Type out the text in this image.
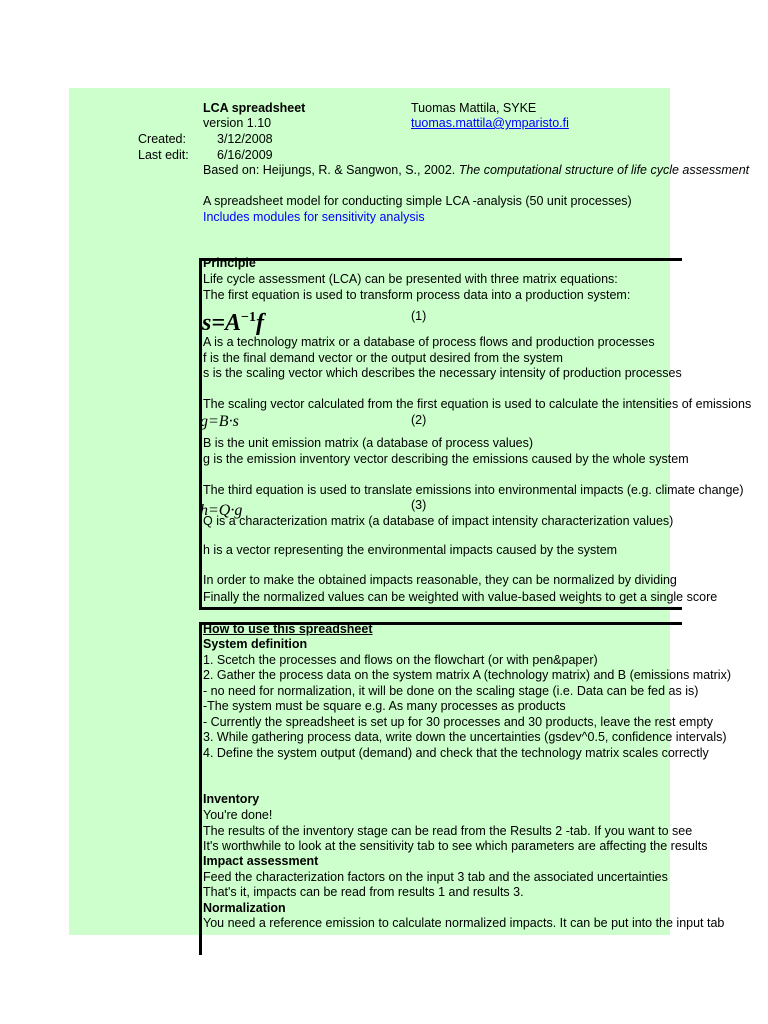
LCA spreadsheet
version 1.10
Created: 3/12/2008
Last edit: 6/16/2009
Tuomas Mattila, SYKE
tuomas.mattila@ymparisto.fi
Based on: Heijungs, R. & Sangwon, S., 2002. The computational structure of life cycle assessment
A spreadsheet model for conducting simple LCA -analysis (50 unit processes)
Includes modules for sensitivity analysis
Principle
Life cycle assessment (LCA) can be presented with three matrix equations:
The first equation is used to transform process data into a production system:
$s=A^{-1}f$	(1)
A is a technology matrix or a database of process flows and production processes
f is the final demand vector or the output desired from the system
s is the scaling vector which describes the necessary intensity of production processes
The scaling vector calculated from the first equation is used to calculate the intensities of emissions
g=B·s	(2)
B is the unit emission matrix (a database of process values)
g is the emission inventory vector describing the emissions caused by the whole system
The third equation is used to translate emissions into environmental impacts (e.g. climate change)
(3)
h=Q·g
Q is a characterization matrix (a database of impact intensity characterization values)
h is a vector representing the environmental impacts caused by the system
In order to make the obtained impacts reasonable, they can be normalized by dividing
Finally the normalized values can be weighted with value-based weights to get a single score
How to use this spreadsheet
System definition
1. Scetch the processes and flows on the flowchart (or with pen&paper)
2. Gather the process data on the system matrix A (technology matrix) and B (emissions matrix)
- no need for normalization, it will be done on the scaling stage (i.e. Data can be fed as is)
-The system must be square e.g. As many processes as products
- Currently the spreadsheet is set up for 30 processes and 30 products, leave the rest empty
3. While gathering process data, write down the uncertainties (gsdev^0.5, confidence intervals)
4. Define the system output (demand) and check that the technology matrix scales correctly
Inventory
You're done!
The results of the inventory stage can be read from the Results 2 -tab. If you want to see
It's worthwhile to look at the sensitivity tab to see which parameters are affecting the results
Impact assessment
Feed the characterization factors on the input 3 tab and the associated uncertainties
That's it, impacts can be read from results 1 and results 3.
Normalization
You need a reference emission to calculate normalized impacts. It can be put into the input tab
